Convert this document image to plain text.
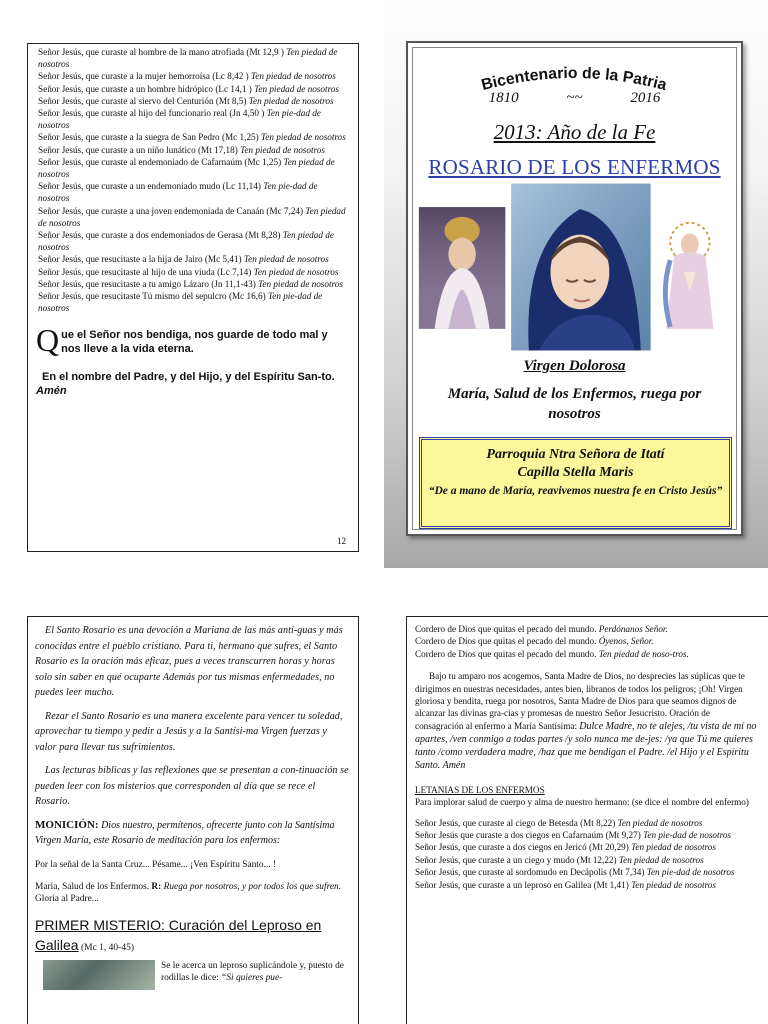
Señor Jesús, que curaste al hombre de la mano atrofiada (Mt 12,9 ) Ten piedad de nosotros
Señor Jesús, que curaste a la mujer hemorroísa (Lc 8,42 ) Ten piedad de nosotros
Señor Jesús, que curaste a un hombre hidrópico (Lc 14,1 ) Ten piedad de nosotros
Señor Jesús, que curaste al siervo del Centurión (Mt 8,5) Ten piedad de nosotros
Señor Jesús, que curaste al hijo del funcionario real (Jn 4,50 ) Ten pie-dad de nosotros
Señor Jesús, que curaste a la suegra de San Pedro (Mc 1,25) Ten piedad de nosotros
Señor Jesús, que curaste a un niño lunático (Mt 17,18) Ten piedad de nosotros
Señor Jesús, que curaste al endemoniado de Cafarnaúm (Mc 1,25) Ten piedad de nosotros
Señor Jesús, que curaste a un endemoniado mudo (Lc 11,14) Ten pie-dad de nosotros
Señor Jesús, que curaste a una joven endemoniada de Canaán (Mc 7,24) Ten piedad de nosotros
Señor Jesús, que curaste a dos endemoniados de Gerasa (Mt 8,28) Ten piedad de nosotros
Señor Jesús, que resucitaste a la hija de Jairo (Mc 5,41) Ten piedad de nosotros
Señor Jesús, que resucitaste al hijo de una viuda (Lc 7,14) Ten piedad de nosotros
Señor Jesús, que resucitaste a tu amigo Lázaro (Jn 11,1-43) Ten piedad de nosotros
Señor Jesús, que resucitaste Tú mismo del sepulcro (Mc 16,6) Ten pie-dad de nosotros
Que el Señor nos bendiga, nos guarde de todo mal y nos lleve a la vida eterna.
En el nombre del Padre, y del Hijo, y del Espíritu San-to. Amén
12
Bicentenario de la Patria
1810	~~	2016
2013: Año de la Fe
ROSARIO DE LOS ENFERMOS
Virgen Dolorosa
María, Salud de los Enfermos, ruega por nosotros
Parroquia Ntra Señora de Itatí
Capilla Stella Maris
“De a mano de María, reavivemos nuestra fe en Cristo Jesús”

El Santo Rosario es una devoción a Mariana de las más anti-guas y más conocidas entre el pueblo cristiano. Para ti, hermano que sufres, el Santo Rosario es la oración más eficaz, pues a veces transcurren horas y horas solo sin saber en qué ocuparte Además por tus mismas enfermedades, no puedes leer mucho.

Rezar el Santo Rosario es una manera excelente para vencer tu soledad, aprovechar tu tiempo y pedir a Jesús y a la Santísi-ma Virgen fuerzas y valor para llevar tus sufrimientos.

Las lecturas bíblicas y las reflexiones que se presentan a con-tinuación se pueden leer con los misterios que corresponden al día que se rece el Rosario.

MONICIÓN: Dios nuestro, permítenos, ofrecerte junto con la Santísima Virgen María, este Rosario de meditación para los enfermos:

Por la señal de la Santa Cruz... Pésame... ¡Ven Espíritu Santo... !

María, Salud de los Enfermos. R: Ruega por nosotros, y por todos los que sufren. Gloria al Padre...

PRIMER MISTERIO: Curación del Leproso en Galilea (Mc 1, 40-45)
Se le acerca un leproso suplicándole y, puesto de rodillas le dice: “Si quieres pue-
Cordero de Dios que quitas el pecado del mundo. Perdónanos Señor.
Cordero de Dios que quitas el pecado del mundo. Óyenos, Señor.
Cordero de Dios que quitas el pecado del mundo. Ten piedad de noso-tros.

Bajo tu amparo nos acogemos, Santa Madre de Dios, no desprecies las súplicas que te dirigimos en nuestras necesidades, antes bien, libranos de todos los peligros; ¡Oh! Virgen gloriosa y bendita, ruega por nosotros, Santa Madre de Dios para que seamos dignos de alcanzar las divinas gra-cias y promesas de nuestro Señor Jesucristo. Oración de consagración al enfermo a María Santísima: Dulce Madre, no te alejes, /tu vista de mí no apartes, /ven conmigo a todas partes /y solo nunca me de-jes: /ya que Tú me quieres tanto /como verdadera madre, /haz que me bendigan el Padre. /el Hijo y el Espíritu Santo. Amén

LETANIAS DE LOS ENFERMOS
Para implorar salud de cuerpo y alma de nuestro hermano: (se dice el nombre del enfermo)
Señor Jesús, que curaste al ciego de Betesda (Mt 8,22) Ten piedad de nosotros
Señor Jesús que curaste a dos ciegos en Cafarnaúm (Mt 9,27) Ten pie-dad de nosotros
Señor Jesús, que curaste a dos ciegos en Jericó (Mt 20,29) Ten piedad de nosotros
Señor Jesús, que curaste a un ciego y mudo (Mt 12,22) Ten piedad de nosotros
Señor Jesús, que curaste al sordomudo en Decápolis (Mt 7,34) Ten pie-dad de nosotros
Señor Jesús, que curaste a un leproso en Galilea (Mt 1,41) Ten piedad de nosotros
